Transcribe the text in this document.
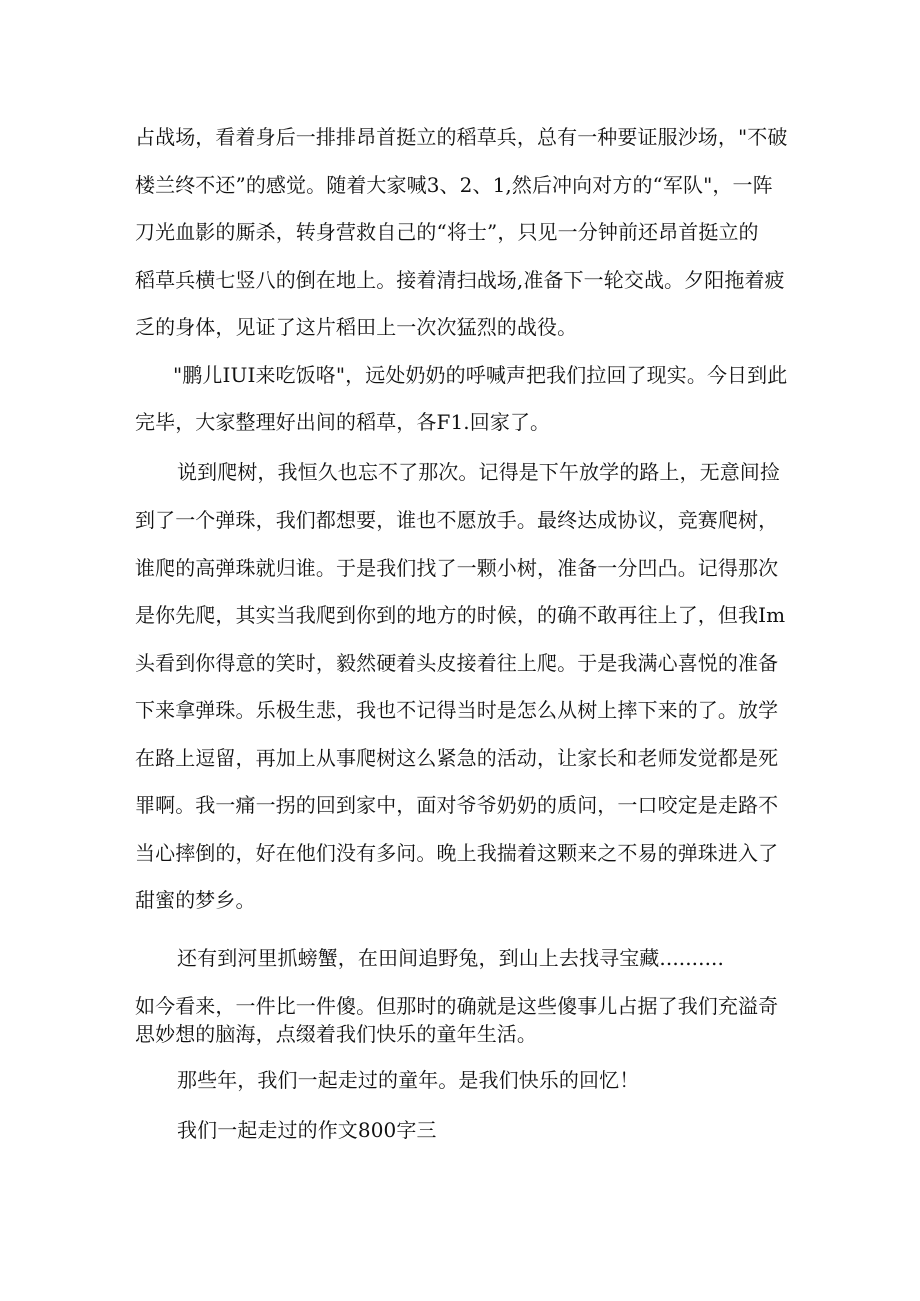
占战场，看着身后一排排昂首挺立的稻草兵，总有一种要证服沙场，"不破
楼兰终不还”的感觉。随着大家喊3、2、1,然后冲向对方的“军队"，一阵
刀光血影的厮杀，转身营救自己的“将士”，只见一分钟前还昂首挺立的
稻草兵横七竖八的倒在地上。接着清扫战场,准备下一轮交战。夕阳拖着疲
乏的身体，见证了这片稻田上一次次猛烈的战役。
"鹏儿IUI来吃饭咯"，远处奶奶的呼喊声把我们拉回了现实。今日到此
完毕，大家整理好出间的稻草，各F1.回家了。
说到爬树，我恒久也忘不了那次。记得是下午放学的路上，无意间捡
到了一个弹珠，我们都想要，谁也不愿放手。最终达成协议，竞赛爬树，
谁爬的高弹珠就归谁。于是我们找了一颗小树，准备一分凹凸。记得那次
是你先爬，其实当我爬到你到的地方的时候，的确不敢再往上了，但我Im
头看到你得意的笑时，毅然硬着头皮接着往上爬。于是我满心喜悦的准备
下来拿弹珠。乐极生悲，我也不记得当时是怎么从树上摔下来的了。放学
在路上逗留，再加上从事爬树这么紧急的活动，让家长和老师发觉都是死
罪啊。我一痛一拐的回到家中，面对爷爷奶奶的质问，一口咬定是走路不
当心摔倒的，好在他们没有多问。晚上我揣着这颗来之不易的弹珠进入了
甜蜜的梦乡。
还有到河里抓螃蟹，在田间追野兔，到山上去找寻宝藏..........
如今看来，一件比一件傻。但那时的确就是这些傻事儿占据了我们充溢奇
思妙想的脑海，点缀着我们快乐的童年生活。
那些年，我们一起走过的童年。是我们快乐的回忆！
我们一起走过的作文800字三
